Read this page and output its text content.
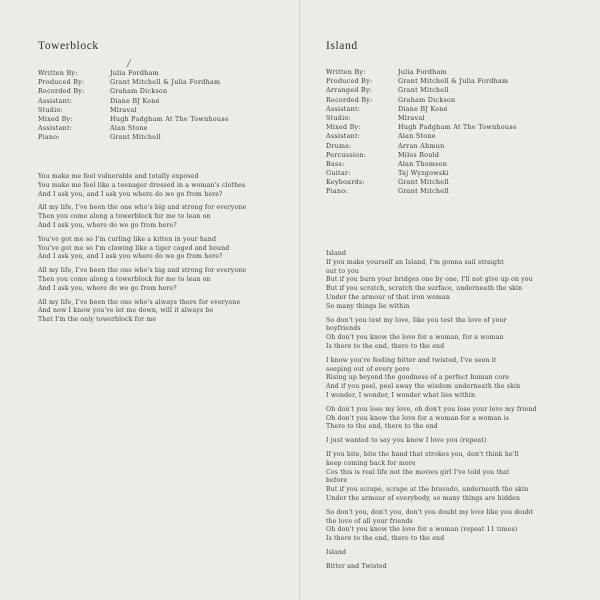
Towerblock
Written By:	Julia Fordham
Produced By:	Grant Mitchell & Julia Fordham
Recorded By:	Graham Dickson
Assistant:	Diane BJ Koné
Studio:	Miraval
Mixed By:	Hugh Padgham At The Townhouse
Assistant:	Alan Stone
Piano:	Grant Mitchell
You make me feel vulnerable and totally exposed
You make me feel like a teenager dressed in a woman's clothes
And I ask you, and I ask you where do we go from here?
All my life, I've been the one who's big and strong for everyone
Then you come along a towerblock for me to lean on
And I ask you, where do we go from here?
You've got me so I'm curling like a kitten in your hand
You've got me so I'm clawing like a tiger caged and bound
And I ask you, and I ask you where do we go from here?
All my life, I've been the one who's big and strong for everyone
Then you come along a towerblock for me to lean on
And I ask you, where do we go from here?
All my life, I've been the one who's always there for everyone
And now I know you've let me down, will it always be
That I'm the only towerblock for me
Island
Written By:	Julia Fordham
Produced By:	Grant Mitchell & Julia Fordham
Arranged By:	Grant Mitchell
Recorded By:	Graham Dickson
Assistant:	Diane BJ Koné
Studio:	Miraval
Mixed By:	Hugh Padgham At The Townhouse
Assistant:	Alan Stone
Drums:	Arran Ahmun
Percussion:	Miles Bould
Bass:	Alan Thomson
Guitar:	Taj Wyzgowski
Keyboards:	Grant Mitchell
Piano:	Grant Mitchell
Island
If you make yourself an Island, I'm gonna sail straight
out to you
But if you burn your bridges one by one, I'll not give up on you
But if you scratch, scratch the surface, underneath the skin
Under the armour of that iron woman
So many things lie within
So don't you test my love, like you test the love of your
boyfriends
Oh don't you know the love for a woman, for a woman
Is there to the end, there to the end
I know you're feeling bitter and twisted, I've seen it
seeping out of every pore
Rising up beyond the goodness of a perfect human core
And if you peel, peel away the wisdom underneath the skin
I wonder, I wonder, I wonder what lies within
Oh don't you lose my love, oh don't you lose your love my friend
Oh don't you know the love for a woman for a woman is
There to the end, there to the end
I just wanted to say you know I love you (repeat)
If you bite, bite the hand that strokes you, don't think he'll
keep coming back for more
Cos this is real life not the movies girl I've told you that
before
But if you scrape, scrape at the bravado, underneath the skin
Under the armour of everybody, so many things are hidden
So don't you, don't you, don't you doubt my love like you doubt
the love of all your friends
Oh don't you know the love for a woman (repeat 11 times)
Is there to the end, there to the end
Island
Bitter and Twisted
